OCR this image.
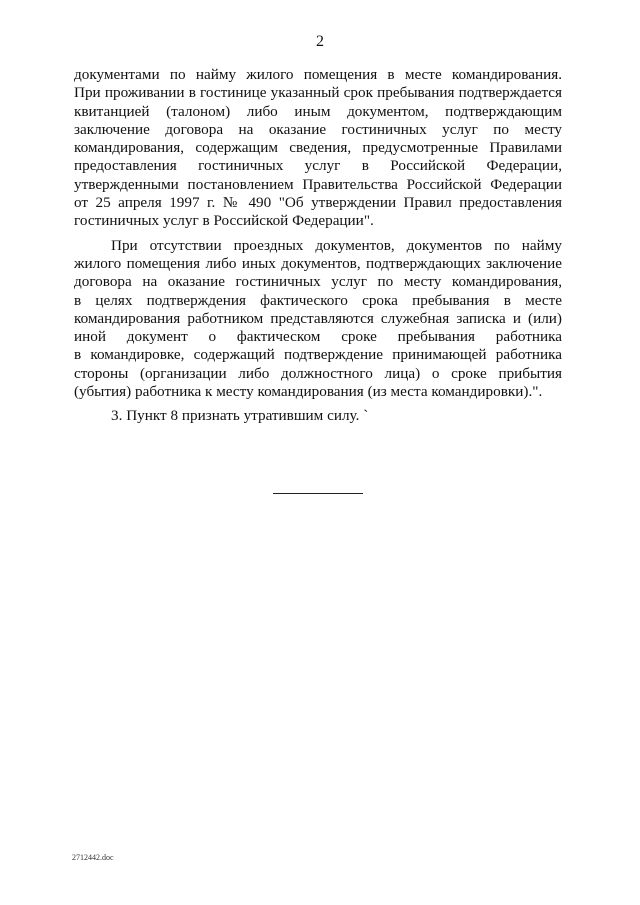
2
документами по найму жилого помещения в месте командирования.
При проживании в гостинице указанный срок пребывания подтверждается
квитанцией (талоном) либо иным документом, подтверждающим
заключение договора на оказание гостиничных услуг по месту
командирования, содержащим сведения, предусмотренные Правилами
предоставления гостиничных услуг в Российской Федерации,
утвержденными постановлением Правительства Российской Федерации
от 25 апреля 1997 г. № 490 "Об утверждении Правил предоставления
гостиничных услуг в Российской Федерации".
При отсутствии проездных документов, документов по найму
жилого помещения либо иных документов, подтверждающих заключение
договора на оказание гостиничных услуг по месту командирования,
в целях подтверждения фактического срока пребывания в месте
командирования работником представляются служебная записка и (или)
иной документ о фактическом сроке пребывания работника
в командировке, содержащий подтверждение принимающей работника
стороны (организации либо должностного лица) о сроке прибытия
(убытия) работника к месту командирования (из места командировки).".
3. Пункт 8 признать утратившим силу. `
2712442.doc
